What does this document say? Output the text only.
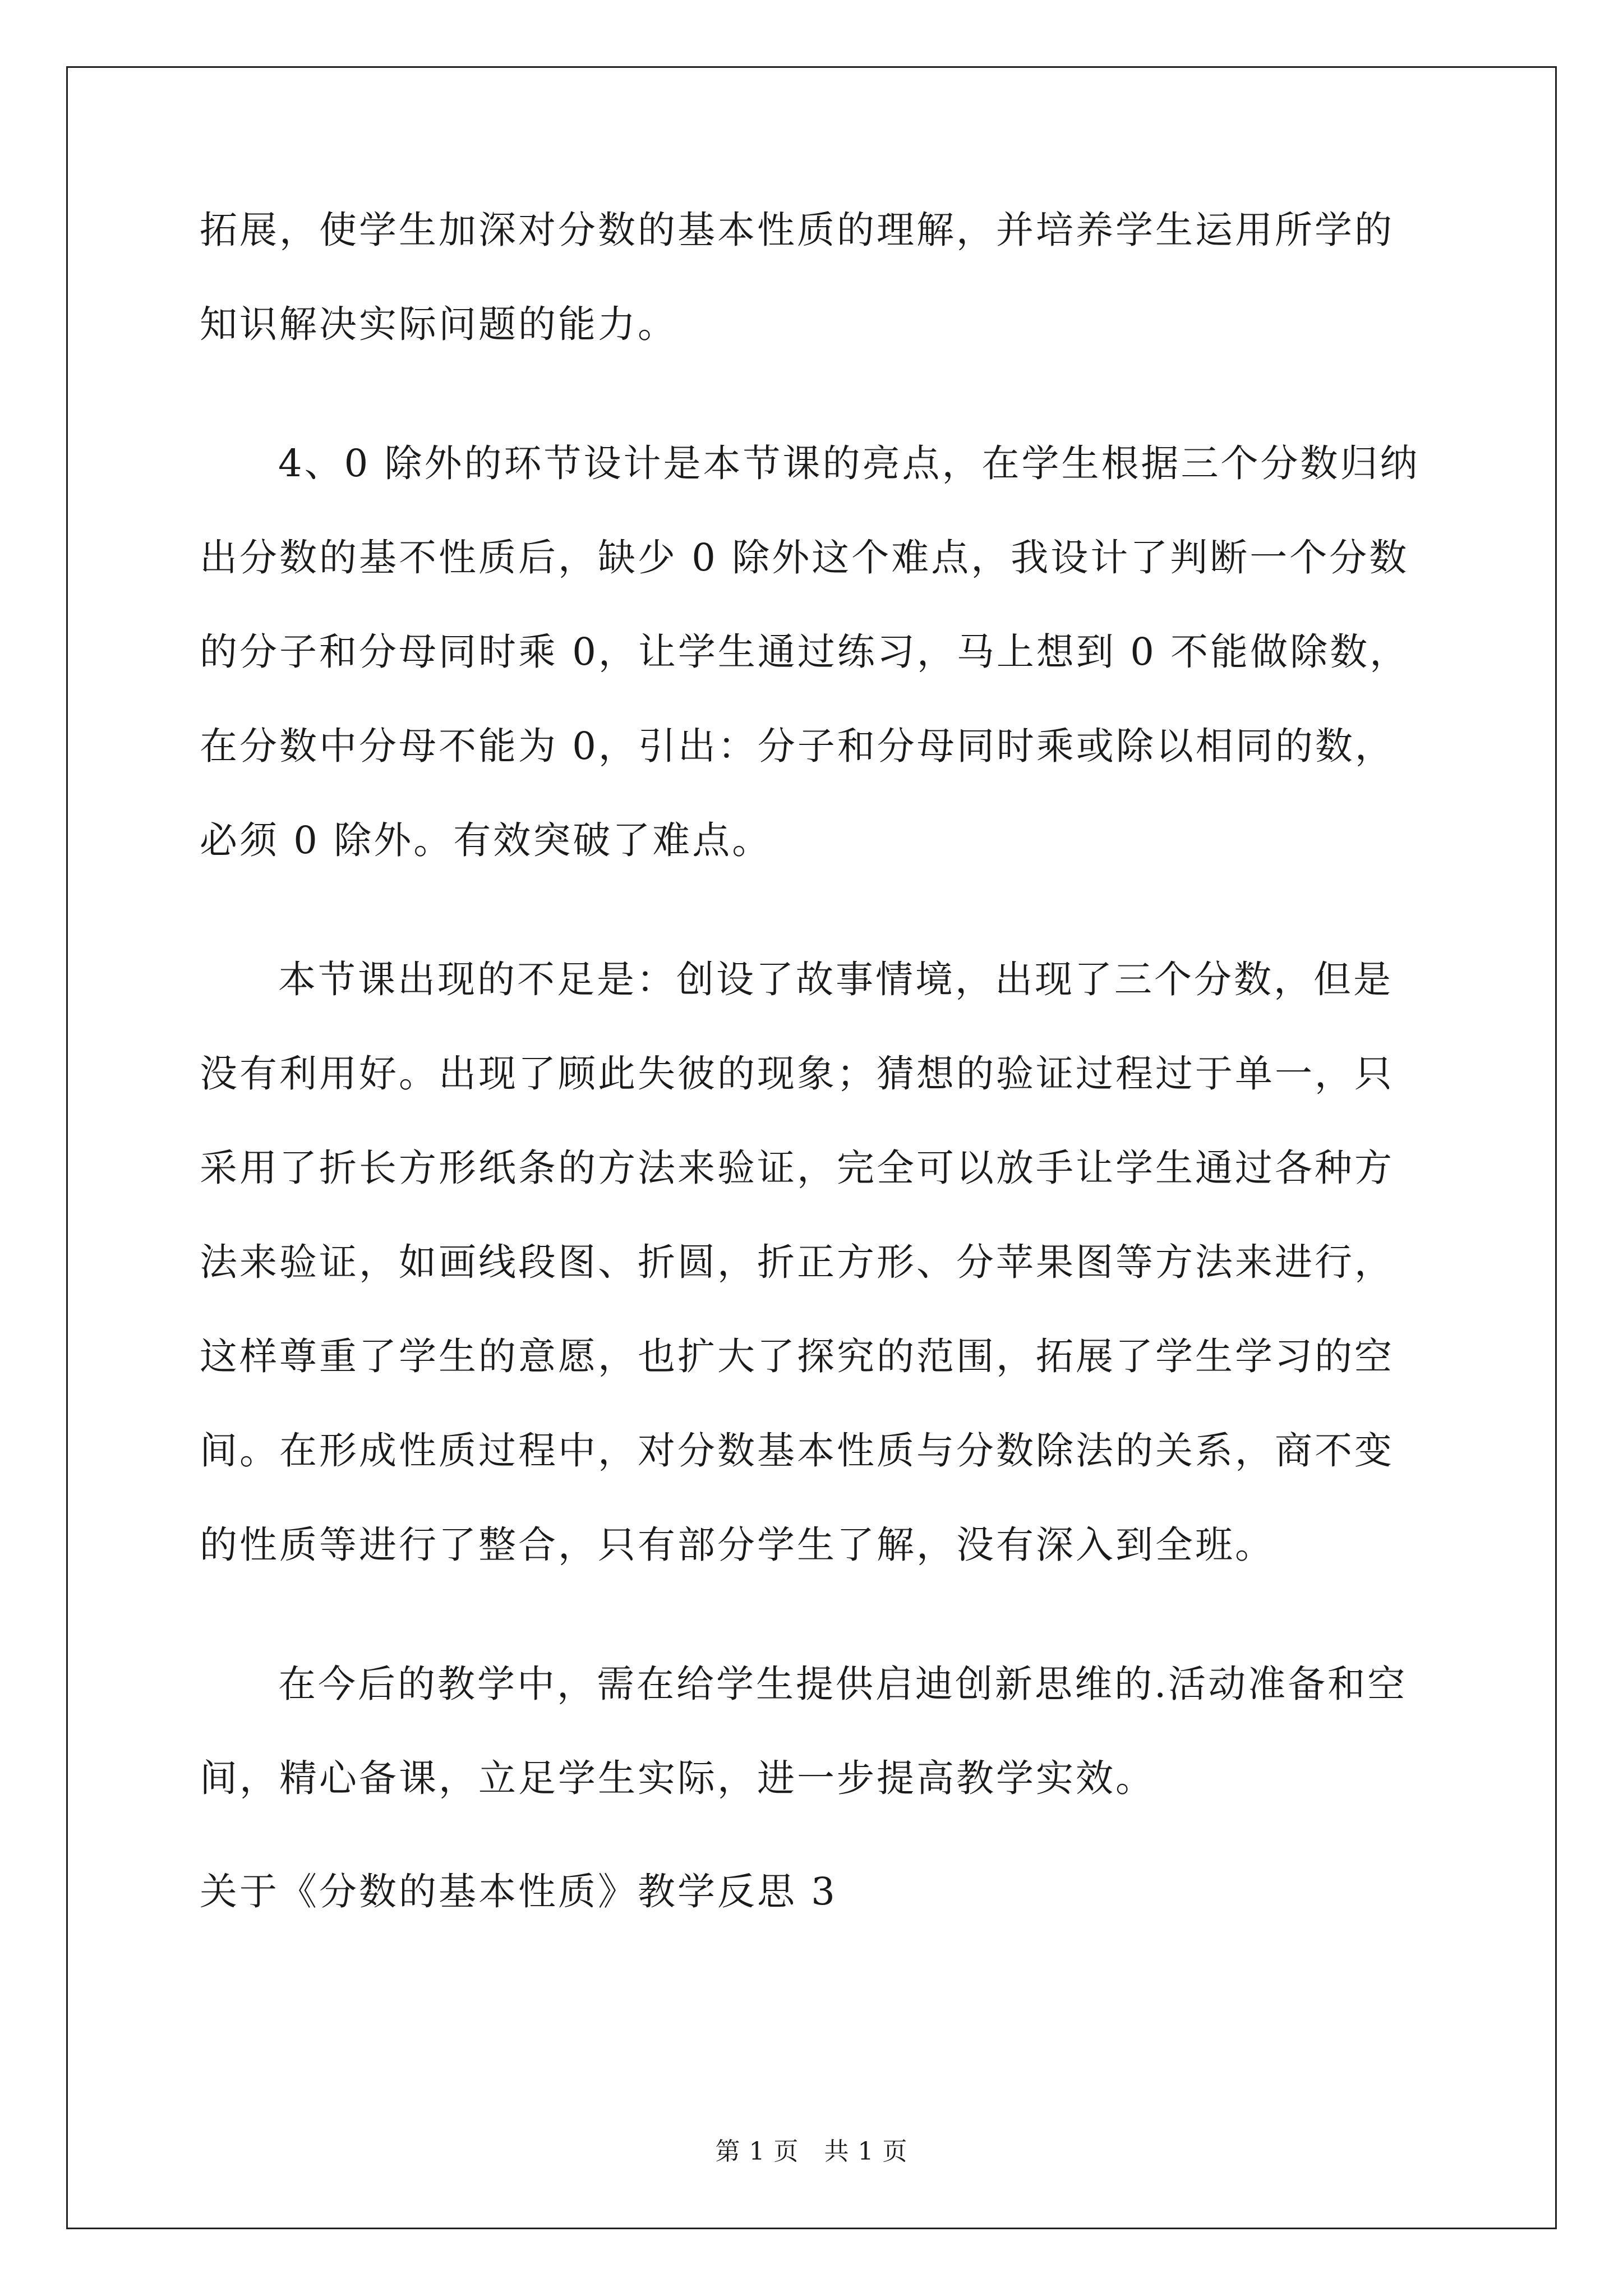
拓展，使学生加深对分数的基本性质的理解，并培养学生运用所学的
知识解决实际问题的能力。
4、0 除外的环节设计是本节课的亮点，在学生根据三个分数归纳
出分数的基不性质后，缺少 0 除外这个难点，我设计了判断一个分数
的分子和分母同时乘 0，让学生通过练习，马上想到 0 不能做除数，
在分数中分母不能为 0，引出：分子和分母同时乘或除以相同的数，
必须 0 除外。有效突破了难点。
本节课出现的不足是：创设了故事情境，出现了三个分数，但是
没有利用好。出现了顾此失彼的现象；猜想的验证过程过于单一，只
采用了折长方形纸条的方法来验证，完全可以放手让学生通过各种方
法来验证，如画线段图、折圆，折正方形、分苹果图等方法来进行，
这样尊重了学生的意愿，也扩大了探究的范围，拓展了学生学习的空
间。在形成性质过程中，对分数基本性质与分数除法的关系，商不变
的性质等进行了整合，只有部分学生了解，没有深入到全班。
在今后的教学中，需在给学生提供启迪创新思维的.活动准备和空
间，精心备课，立足学生实际，进一步提高教学实效。
关于《分数的基本性质》教学反思 3
第 1 页　共 1 页
